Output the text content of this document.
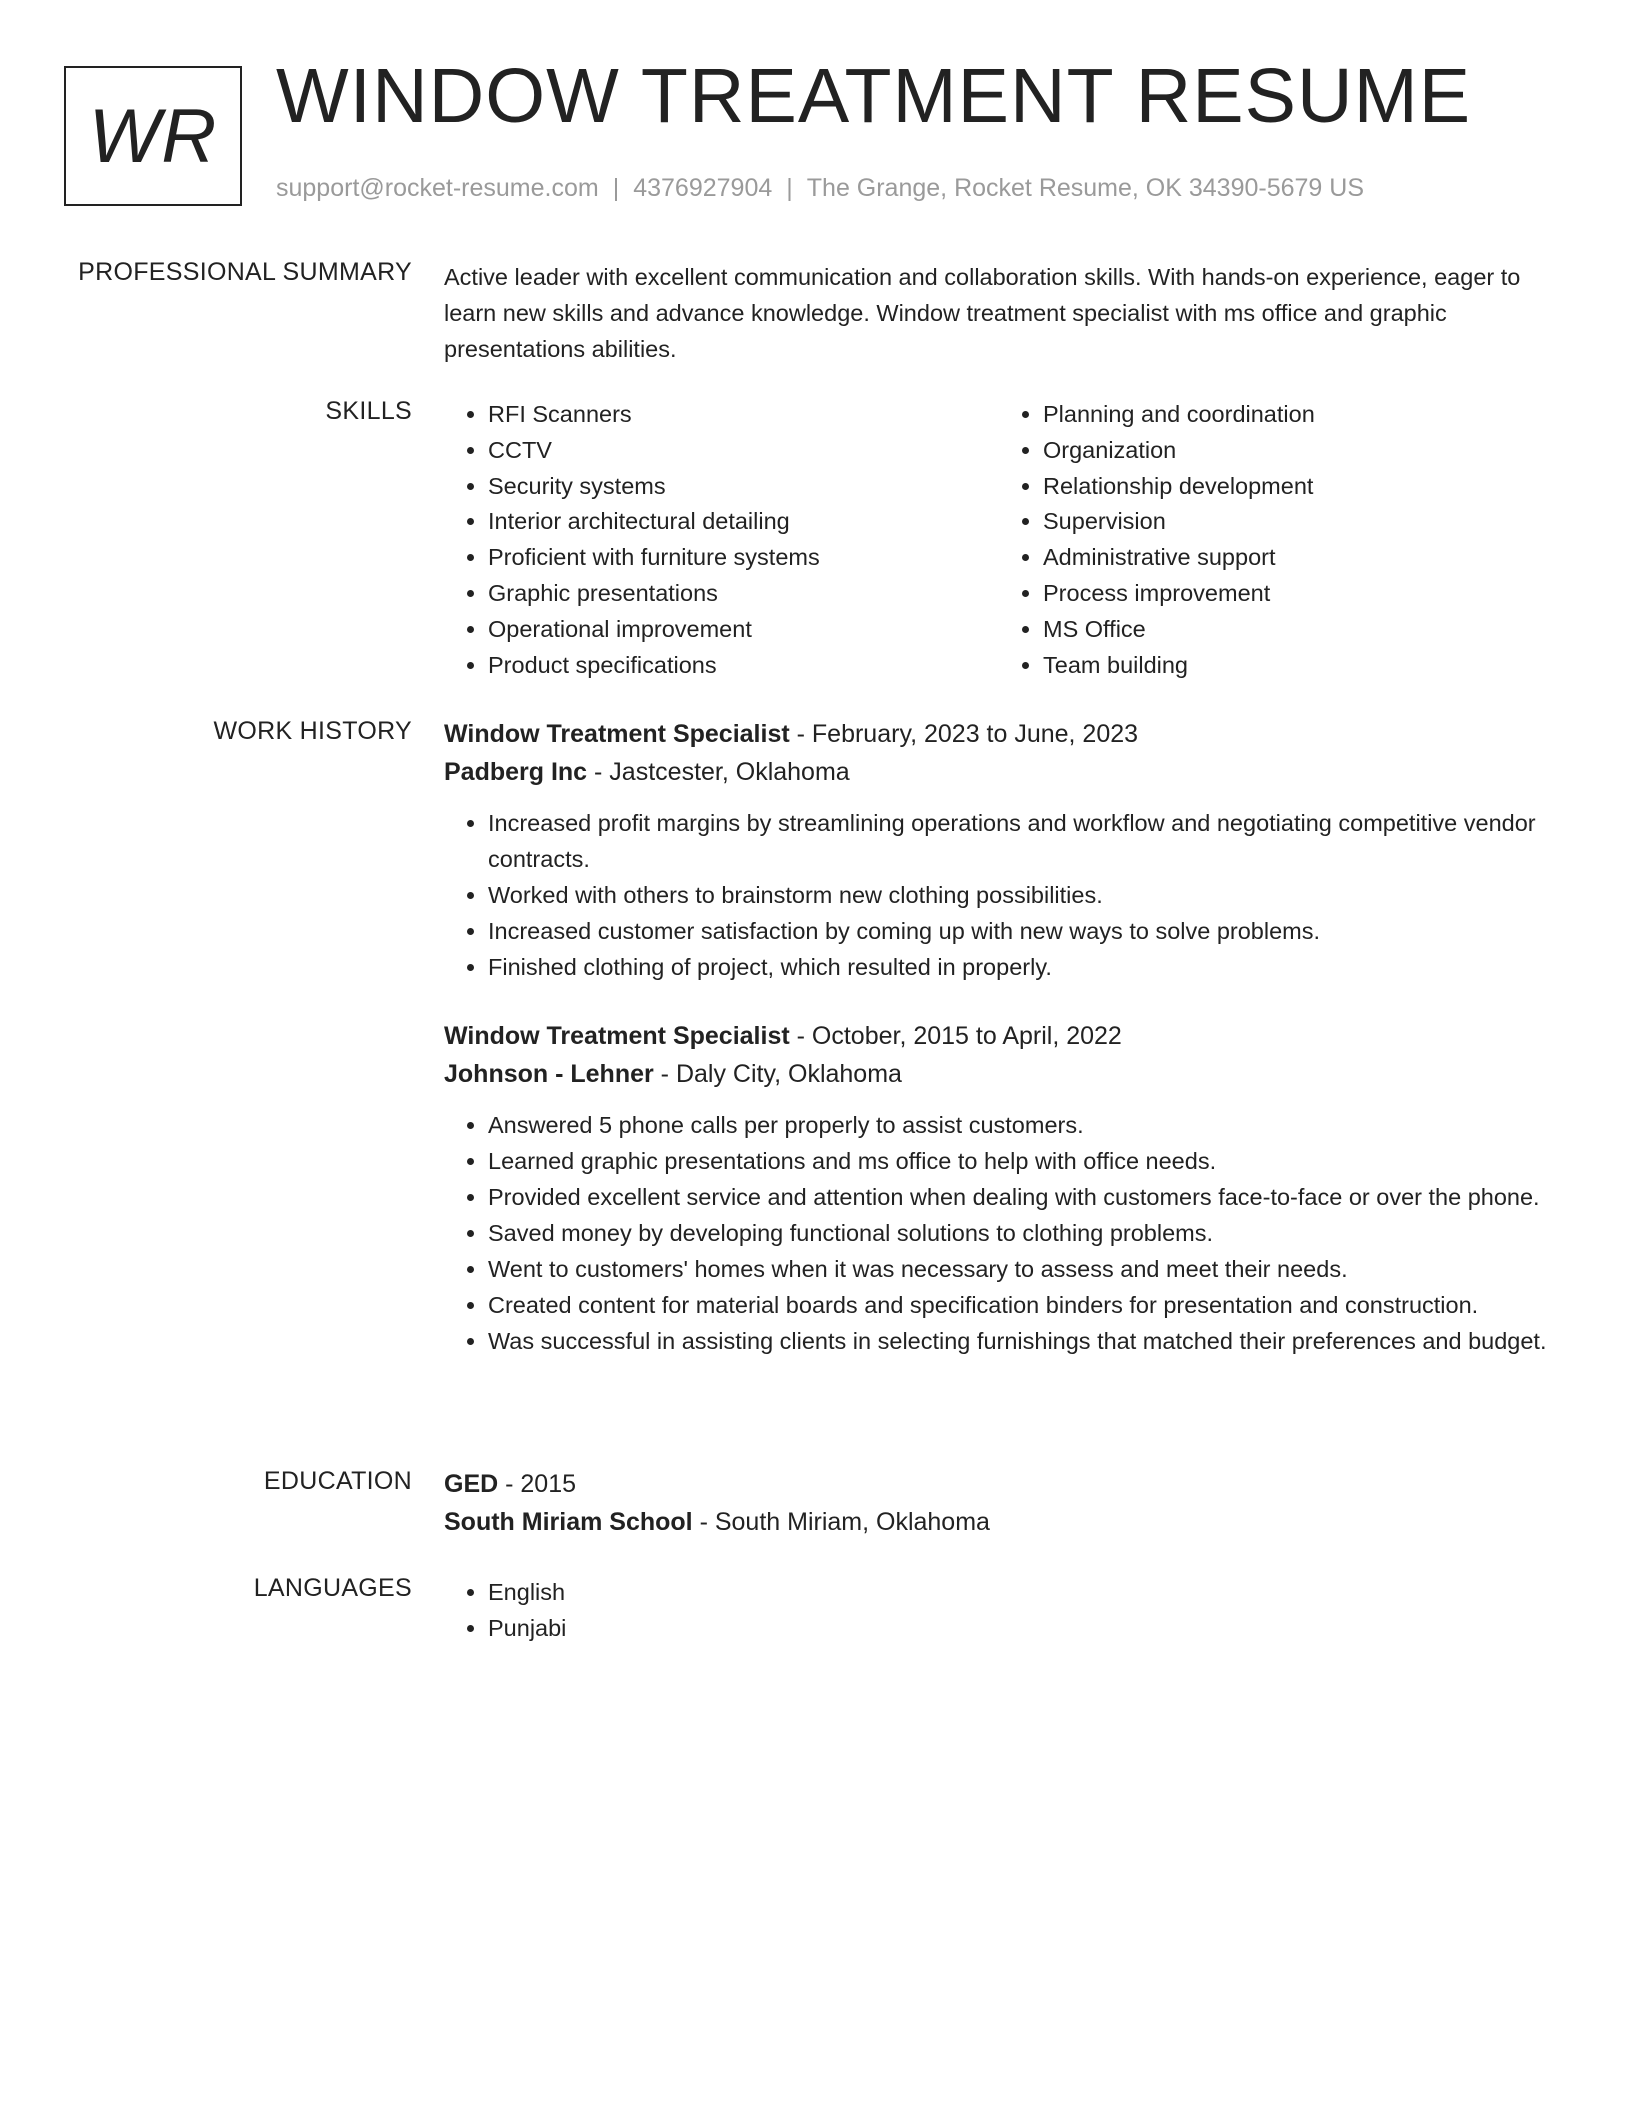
WR WINDOW TREATMENT RESUME
support@rocket-resume.com | 4376927904 | The Grange, Rocket Resume, OK 34390-5679 US
PROFESSIONAL SUMMARY Active leader with excellent communication and collaboration skills. With hands-on experience, eager to learn new skills and advance knowledge. Window treatment specialist with ms office and graphic presentations abilities.
SKILLS	• RFI Scanners
• CCTV
• Security systems
• Interior architectural detailing
• Proficient with furniture systems
• Graphic presentations
• Operational improvement
• Product specifications
• Planning and coordination
• Organization
• Relationship development
• Supervision
• Administrative support
• Process improvement
• MS Office
• Team building
WORK HISTORY Window Treatment Specialist - February, 2023 to June, 2023
Padberg Inc - Jastcester, Oklahoma
• Increased profit margins by streamlining operations and workflow and negotiating competitive vendor contracts.
• Worked with others to brainstorm new clothing possibilities.
• Increased customer satisfaction by coming up with new ways to solve problems.
• Finished clothing of project, which resulted in properly.
Window Treatment Specialist - October, 2015 to April, 2022
Johnson - Lehner - Daly City, Oklahoma
• Answered 5 phone calls per properly to assist customers.
• Learned graphic presentations and ms office to help with office needs.
• Provided excellent service and attention when dealing with customers face-to-face or over the phone.
• Saved money by developing functional solutions to clothing problems.
• Went to customers' homes when it was necessary to assess and meet their needs.
• Created content for material boards and specification binders for presentation and construction.
• Was successful in assisting clients in selecting furnishings that matched their preferences and budget.
EDUCATION GED - 2015
South Miriam School - South Miriam, Oklahoma
LANGUAGES	• English
• Punjabi
